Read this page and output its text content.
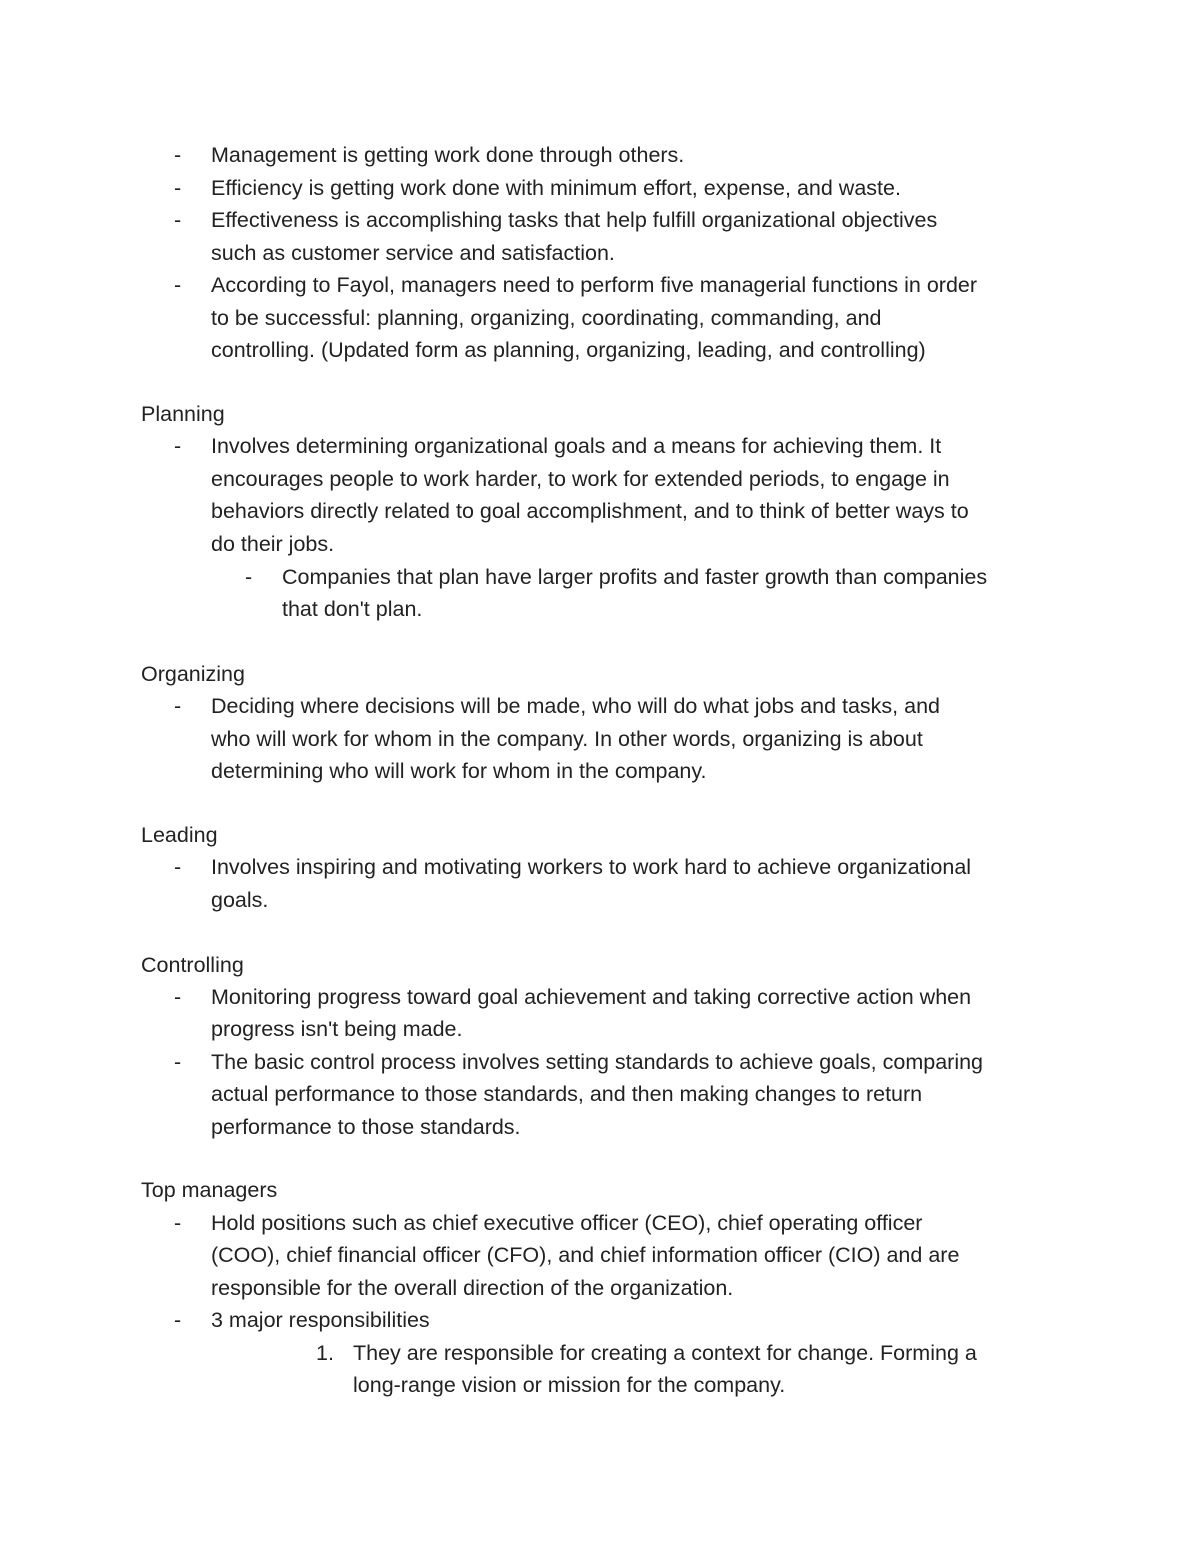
- Management is getting work done through others.
- Efficiency is getting work done with minimum effort, expense, and waste.
- Effectiveness is accomplishing tasks that help fulfill organizational objectives
such as customer service and satisfaction.
- According to Fayol, managers need to perform five managerial functions in order
to be successful: planning, organizing, coordinating, commanding, and
controlling. (Updated form as planning, organizing, leading, and controlling)
Planning
- Involves determining organizational goals and a means for achieving them. It
encourages people to work harder, to work for extended periods, to engage in
behaviors directly related to goal accomplishment, and to think of better ways to
do their jobs.
- Companies that plan have larger profits and faster growth than companies
that don't plan.
Organizing
- Deciding where decisions will be made, who will do what jobs and tasks, and
who will work for whom in the company. In other words, organizing is about
determining who will work for whom in the company.
Leading
- Involves inspiring and motivating workers to work hard to achieve organizational
goals.
Controlling
- Monitoring progress toward goal achievement and taking corrective action when
progress isn't being made.
- The basic control process involves setting standards to achieve goals, comparing
actual performance to those standards, and then making changes to return
performance to those standards.
Top managers
- Hold positions such as chief executive officer (CEO), chief operating officer
(COO), chief financial officer (CFO), and chief information officer (CIO) and are
responsible for the overall direction of the organization.
- 3 major responsibilities
1. They are responsible for creating a context for change. Forming a
long-range vision or mission for the company.
